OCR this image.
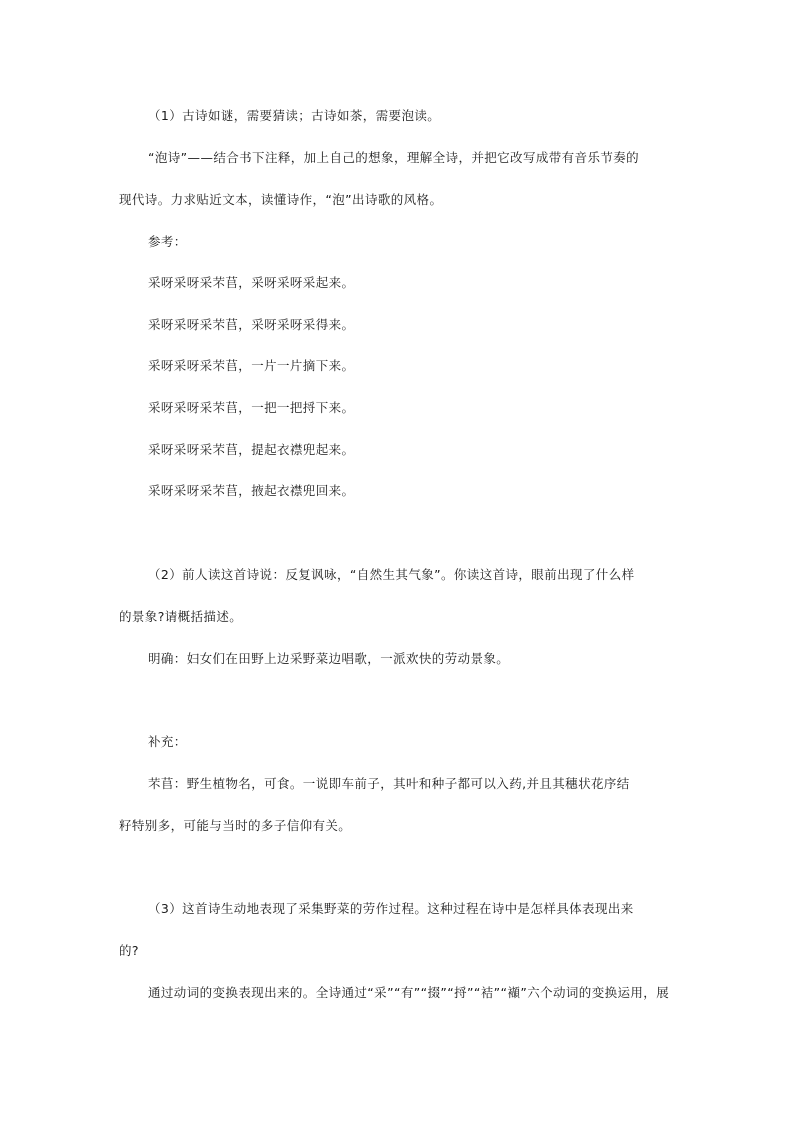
（1）古诗如谜，需要猜读；古诗如茶，需要泡读。
“泡诗”——结合书下注释，加上自己的想象，理解全诗，并把它改写成带有音乐节奏的
现代诗。力求贴近文本，读懂诗作，“泡”出诗歌的风格。
参考：
采呀采呀采芣苢，采呀采呀采起来。
采呀采呀采芣苢，采呀采呀采得来。
采呀采呀采芣苢，一片一片摘下来。
采呀采呀采芣苢，一把一把捋下来。
采呀采呀采芣苢，提起衣襟兜起来。
采呀采呀采芣苢，掖起衣襟兜回来。
（2）前人读这首诗说：反复讽咏，“自然生其气象”。你读这首诗，眼前出现了什么样
的景象?请概括描述。
明确：妇女们在田野上边采野菜边唱歌，一派欢快的劳动景象。
补充：
芣苢：野生植物名，可食。一说即车前子，其叶和种子都可以入药,并且其穗状花序结
籽特别多，可能与当时的多子信仰有关。
（3）这首诗生动地表现了采集野菜的劳作过程。这种过程在诗中是怎样具体表现出来
的?
通过动词的变换表现出来的。全诗通过“采”“有”“掇”“捋”“袺”“襭”六个动词的变换运用，展
